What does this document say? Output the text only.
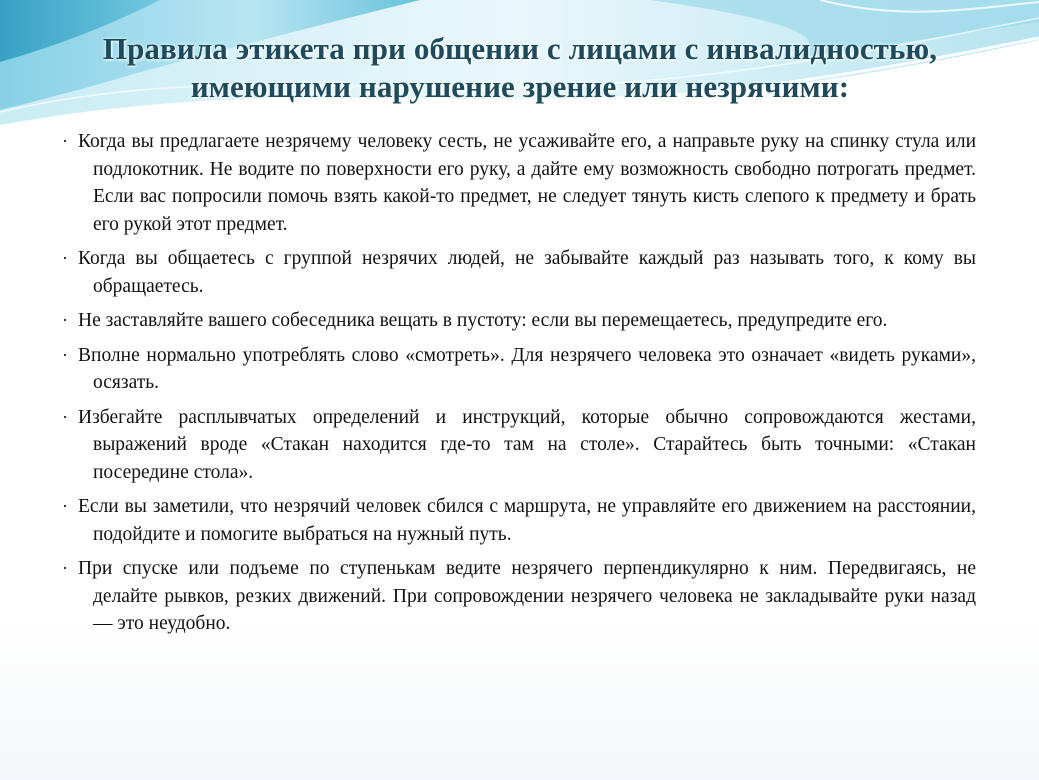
Правила этикета при общении с лицами с инвалидностью,
имеющими нарушение зрение или незрячими:
· Когда вы предлагаете незрячему человеку сесть, не усаживайте его, а направьте руку на спинку стула или подлокотник. Не водите по поверхности его руку, а дайте ему возможность свободно потрогать предмет. Если вас попросили помочь взять какой-то предмет, не следует тянуть кисть слепого к предмету и брать его рукой этот предмет.
· Когда вы общаетесь с группой незрячих людей, не забывайте каждый раз называть того, к кому вы обращаетесь.
· Не заставляйте вашего собеседника вещать в пустоту: если вы перемещаетесь, предупредите его.
· Вполне нормально употреблять слово «смотреть». Для незрячего человека это означает «видеть руками», осязать.
· Избегайте расплывчатых определений и инструкций, которые обычно сопровождаются жестами, выражений вроде «Стакан находится где-то там на столе». Старайтесь быть точными: «Стакан посередине стола».
· Если вы заметили, что незрячий человек сбился с маршрута, не управляйте его движением на расстоянии, подойдите и помогите выбраться на нужный путь.
· При спуске или подъеме по ступенькам ведите незрячего перпендикулярно к ним. Передвигаясь, не делайте рывков, резких движений. При сопровождении незрячего человека не закладывайте руки назад — это неудобно.
